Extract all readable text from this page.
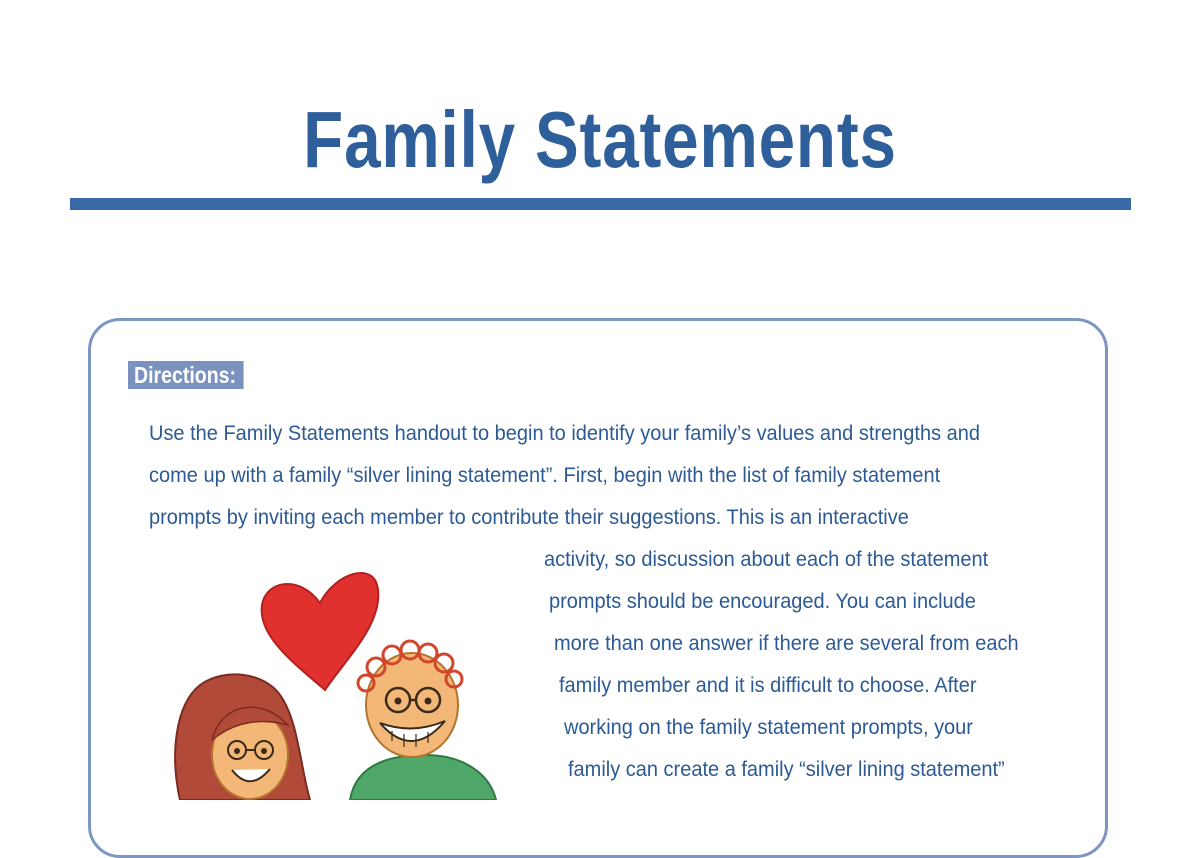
Family Statements
Directions:
Use the Family Statements handout to begin to identify your family’s values and strengths and
come up with a family “silver lining statement”. First, begin with the list of family statement
prompts by inviting each member to contribute their suggestions. This is an interactive
activity, so discussion about each of the statement
prompts should be encouraged. You can include
more than one answer if there are several from each
family member and it is difficult to choose. After
working on the family statement prompts, your
family can create a family “silver lining statement”
